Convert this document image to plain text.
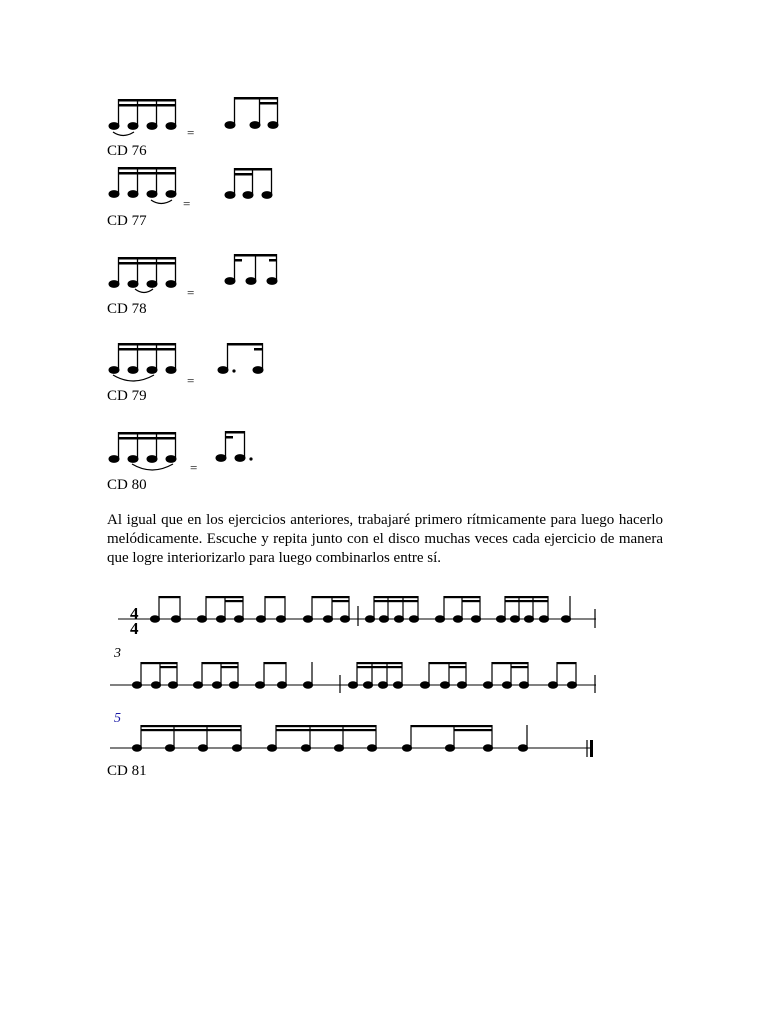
=
CD 76
=
CD 77
=
CD 78
=
CD 79
=
CD 80
Al igual que en los ejercicios anteriores, trabajaré primero rítmicamente para luego hacerlo melódicamente. Escuche y repita junto con el disco muchas veces cada ejercicio de manera que logre interiorizarlo para luego combinarlos entre sí.
4
4
3
5
CD 81
